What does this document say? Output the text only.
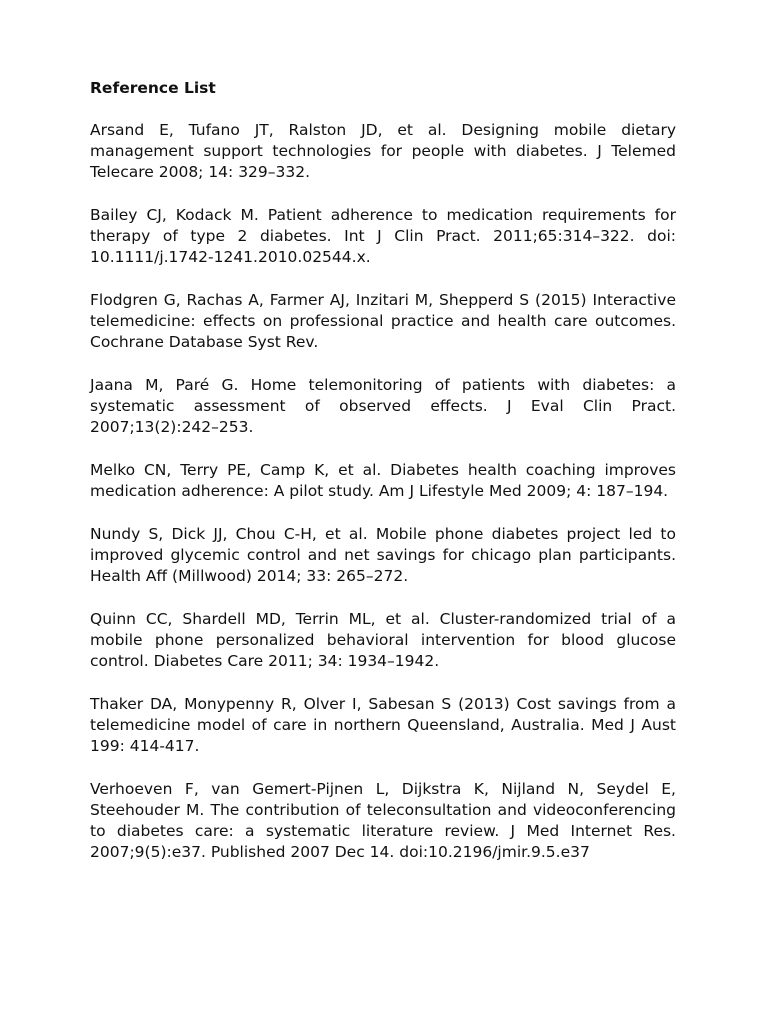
Reference List

Arsand E, Tufano JT, Ralston JD, et al. Designing mobile dietary management support technologies for people with diabetes. J Telemed Telecare 2008; 14: 329–332.

Bailey CJ, Kodack M. Patient adherence to medication requirements for therapy of type 2 diabetes. Int J Clin Pract. 2011;65:314–322. doi: 10.1111/j.1742-1241.2010.02544.x.

Flodgren G, Rachas A, Farmer AJ, Inzitari M, Shepperd S (2015) Interactive telemedicine: effects on professional practice and health care outcomes. Cochrane Database Syst Rev.

Jaana M, Paré G. Home telemonitoring of patients with diabetes: a systematic assessment of observed effects. J Eval Clin Pract. 2007;13(2):242–253.

Melko CN, Terry PE, Camp K, et al. Diabetes health coaching improves medication adherence: A pilot study. Am J Lifestyle Med 2009; 4: 187–194.

Nundy S, Dick JJ, Chou C-H, et al. Mobile phone diabetes project led to improved glycemic control and net savings for chicago plan participants. Health Aff (Millwood) 2014; 33: 265–272.

Quinn CC, Shardell MD, Terrin ML, et al. Cluster-randomized trial of a mobile phone personalized behavioral intervention for blood glucose control. Diabetes Care 2011; 34: 1934–1942.

Thaker DA, Monypenny R, Olver I, Sabesan S (2013) Cost savings from a telemedicine model of care in northern Queensland, Australia. Med J Aust 199: 414-417.

Verhoeven F, van Gemert-Pijnen L, Dijkstra K, Nijland N, Seydel E, Steehouder M. The contribution of teleconsultation and videoconferencing to diabetes care: a systematic literature review. J Med Internet Res. 2007;9(5):e37. Published 2007 Dec 14. doi:10.2196/jmir.9.5.e37
